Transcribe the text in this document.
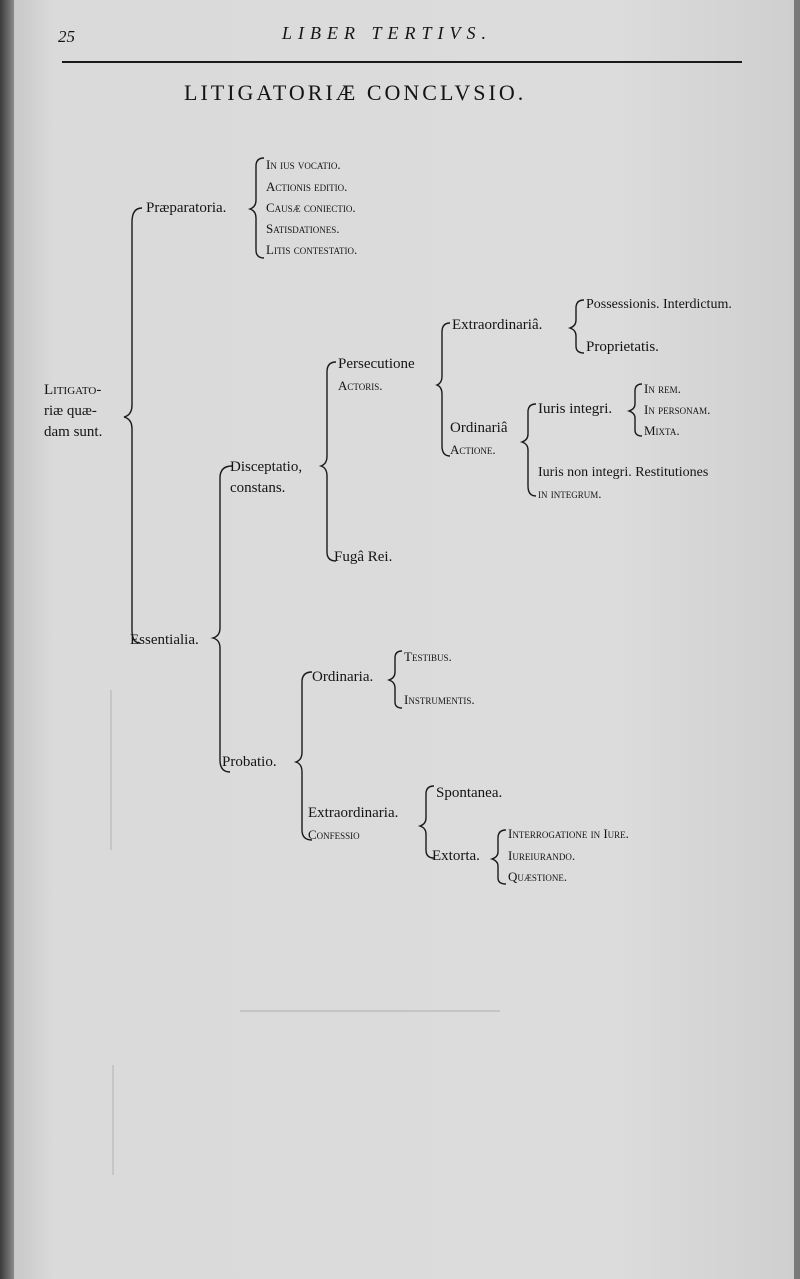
25	LIBER TERTIVS.
LITIGATORIÆ CONCLVSIO.
Litigato-
riæ quæ-
dam sunt.
Præparatoria.
In ius vocatio.
Actionis editio.
Causæ coniectio.
Satisdationes.
Litis contestatio.
Essentialia.
Disceptatio,
constans.
Persecutione
Actoris.
Extraordinariâ.
Possessionis. Interdictum.
Proprietatis.
Ordinariâ
Actione.
Iuris integri.
In rem.
In personam.
Mixta.
Iuris non integri. Restitutiones
in integrum.
Fugâ Rei.
Probatio.
Ordinaria.
Testibus.
Instrumentis.
Extraordinaria.
Confessio
Spontanea.
Extorta.
Interrogatione in Iure.
Iureiurando.
Quæstione.
